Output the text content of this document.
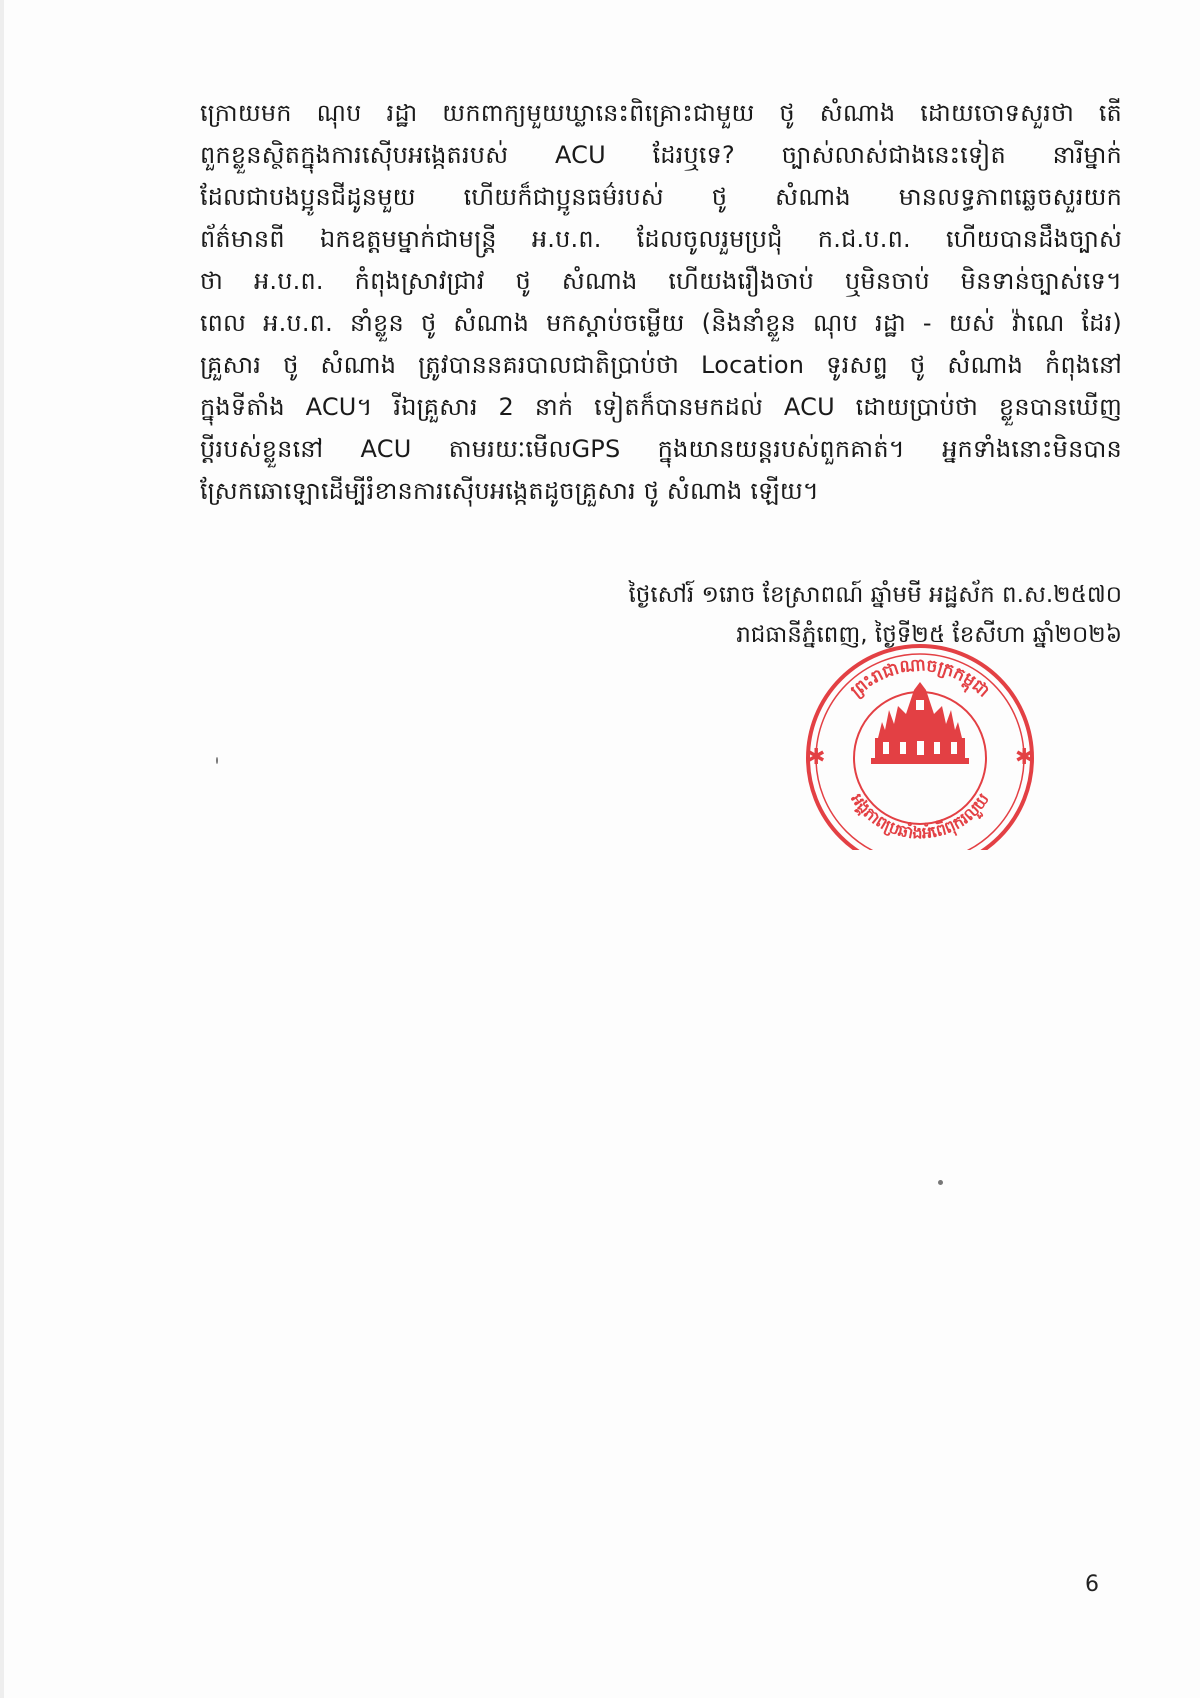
ក្រោយមក ណុប រដ្ឋា យកពាក្យមួយឃ្លានេះពិគ្រោះជាមួយ ថូ សំណាង ដោយចោទសួរថា តើ
ពួកខ្លួនស្ថិតក្នុងការស៊ើបអង្កេតរបស់ ACU ដែរឬទេ? ច្បាស់លាស់ជាងនេះទៀត នារីម្នាក់
ដែលជាបងប្អូនជីដូនមួយ ហើយក៏ជាប្អូនធម៌របស់ ថូ សំណាង មានលទ្ធភាពឆ្លេចសួរយក
ព័ត៌មានពី ឯកឧត្តមម្នាក់ជាមន្ត្រី អ.ប.ព. ដែលចូលរួមប្រជុំ ក.ជ.ប.ព. ហើយបានដឹងច្បាស់
ថា អ.ប.ព. កំពុងស្រាវជ្រាវ ថូ សំណាង ហើយងរឿងចាប់ ឬមិនចាប់ មិនទាន់ច្បាស់ទេ។
ពេល អ.ប.ព. នាំខ្លួន ថូ សំណាង មកស្តាប់ចម្លើយ (និងនាំខ្លួន ណុប រដ្ឋា - យស់ វ៉ាណេ ដែរ)
គ្រួសារ ថូ សំណាង ត្រូវបាននគរបាលជាតិប្រាប់ថា Location ទូរសព្ទ ថូ សំណាង កំពុងនៅ
ក្នុងទីតាំង ACU។ រីឯគ្រួសារ 2 នាក់ ទៀតក៏បានមកដល់ ACU ដោយប្រាប់ថា ខ្លួនបានឃើញ
ប្តីរបស់ខ្លួននៅ ACU តាមរយៈមើលGPS ក្នុងយានយន្តរបស់ពួកគាត់។ អ្នកទាំងនោះមិនបាន
ស្រែកឆោឡោដើម្បីរំខានការស៊ើបអង្កេតដូចគ្រួសារ ថូ សំណាង ឡើយ។
ថ្ងៃសៅរ៍ ១រោច ខែស្រាពណ៍ ឆ្នាំមមី អដ្ឋស័ក ព.ស.២៥៧០
រាជធានីភ្នំពេញ, ថ្ងៃទី២៥ ខែសីហា ឆ្នាំ២០២៦
ព្រះរាជាណាចក្រកម្ពុជា
អង្គភាពប្រឆាំងអំពើពុករលួយ
✱	✱
6
